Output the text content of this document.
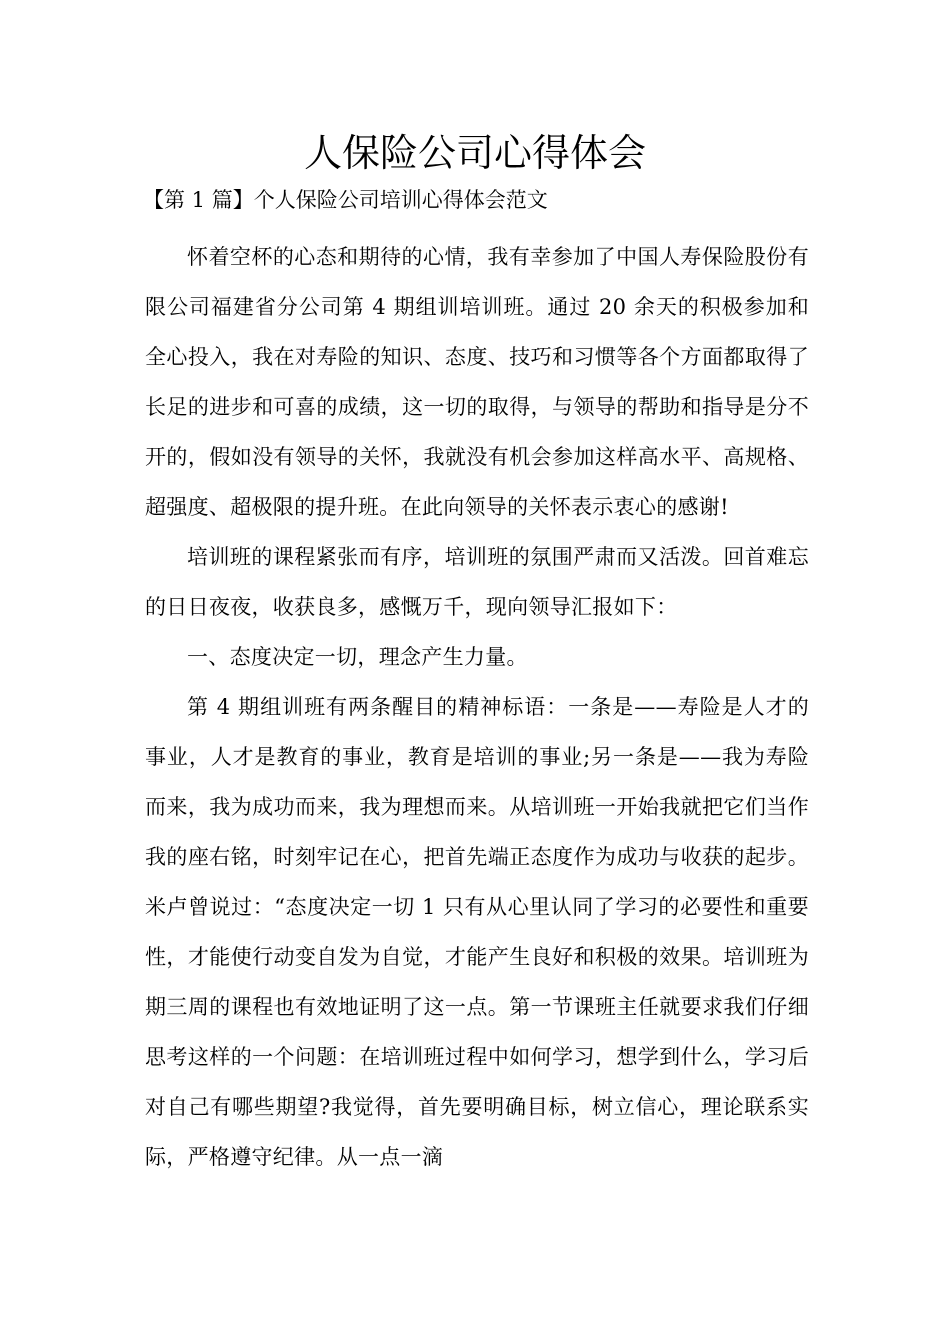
人保险公司心得体会
【第 1 篇】个人保险公司培训心得体会范文

怀着空杯的心态和期待的心情，我有幸参加了中国人寿保险股份有限公司福建省分公司第 4 期组训培训班。通过 20 余天的积极参加和全心投入，我在对寿险的知识、态度、技巧和习惯等各个方面都取得了长足的进步和可喜的成绩，这一切的取得，与领导的帮助和指导是分不开的，假如没有领导的关怀，我就没有机会参加这样高水平、高规格、超强度、超极限的提升班。在此向领导的关怀表示衷心的感谢!

培训班的课程紧张而有序，培训班的氛围严肃而又活泼。回首难忘的日日夜夜，收获良多，感慨万千，现向领导汇报如下：

一、态度决定一切，理念产生力量。

第 4 期组训班有两条醒目的精神标语：一条是——寿险是人才的事业，人才是教育的事业，教育是培训的事业;另一条是——我为寿险而来，我为成功而来，我为理想而来。从培训班一开始我就把它们当作我的座右铭，时刻牢记在心，把首先端正态度作为成功与收获的起步。米卢曾说过：“态度决定一切 1 只有从心里认同了学习的必要性和重要性，才能使行动变自发为自觉，才能产生良好和积极的效果。培训班为期三周的课程也有效地证明了这一点。第一节课班主任就要求我们仔细思考这样的一个问题：在培训班过程中如何学习，想学到什么，学习后对自己有哪些期望?我觉得，首先要明确目标，树立信心，理论联系实际，严格遵守纪律。从一点一滴
